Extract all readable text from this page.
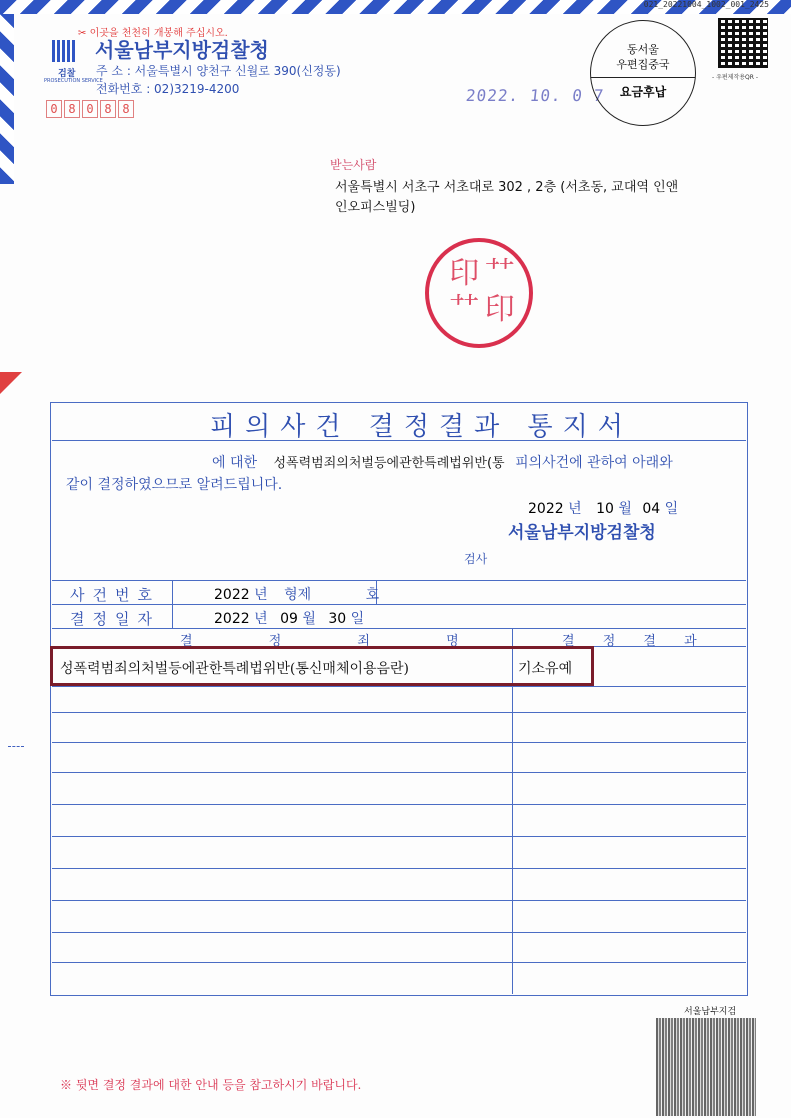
021_20221004_1002_001_2425
✂ 이곳을 천천히 개봉해 주십시오.
검찰
PROSECUTION SERVICE
서울남부지방검찰청
주 소 : 서울특별시 양천구 신월로 390(신정동)
전화번호 : 02)3219-4200
0 8 0 8 8
2022. 10. 0 7
동서울
우편집중국
요금후납
- 우편제작용QR -
받는사람
서울특별시 서초구 서초대로 302 , 2층 (서초동, 교대역 인앤
인오피스빌딩)
印 ⺿
⺿ 印
피의사건 결정결과 통지서
에 대한 성폭력범죄의처벌등에관한특례법위반(통 피의사건에 관하여 아래와
같이 결정하였으므로 알려드립니다.
2022 년 10 월 04 일
서울남부지방검찰청
검사
사건번호	2022 년 형제	호
결정일자	2022 년 09 월 30 일
결 정 죄 명	결 정 결 과
성폭력범죄의처벌등에관한특례법위반(통신매체이용음란)	기소유예
서울남부지검
※ 뒷면 결정 결과에 대한 안내 등을 참고하시기 바랍니다.
